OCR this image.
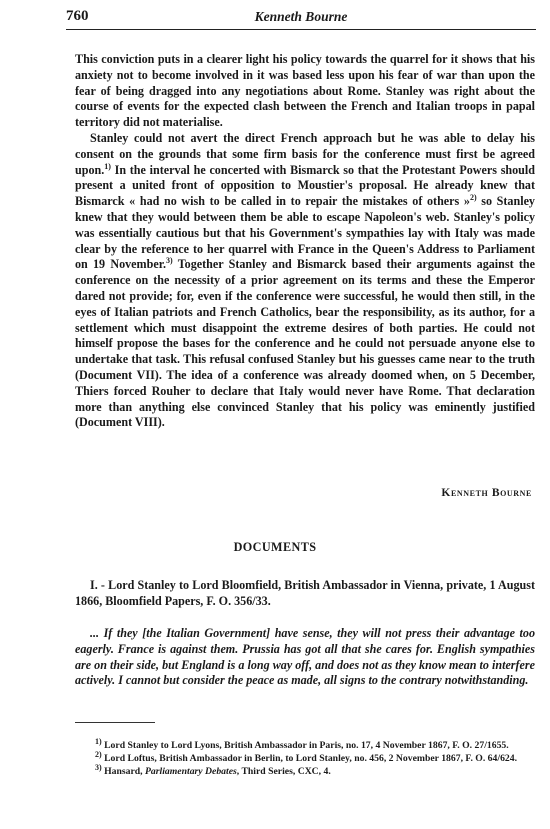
760	Kenneth Bourne

This conviction puts in a clearer light his policy towards the quarrel for it shows that his anxiety not to become involved in it was based less upon his fear of war than upon the fear of being dragged into any negotiations about Rome. Stanley was right about the course of events for the expected clash between the French and Italian troops in papal territory did not materialise.

Stanley could not avert the direct French approach but he was able to delay his consent on the grounds that some firm basis for the conference must first be agreed upon.$^{1)}$ In the interval he concerted with Bismarck so that the Protestant Powers should present a united front of opposition to Moustier's proposal. He already knew that Bismarck « had no wish to be called in to repair the mistakes of others »$^{2)}$ so Stanley knew that they would between them be able to escape Napoleon's web. Stanley's policy was essentially cautious but that his Government's sympathies lay with Italy was made clear by the reference to her quarrel with France in the Queen's Address to Parliament on 19 November.$^{3)}$ Together Stanley and Bismarck based their arguments against the conference on the necessity of a prior agreement on its terms and these the Emperor dared not provide; for, even if the conference were successful, he would then still, in the eyes of Italian patriots and French Catholics, bear the responsibility, as its author, for a settlement which must disappoint the extreme desires of both parties. He could not himself propose the bases for the conference and he could not persuade anyone else to undertake that task. This refusal confused Stanley but his guesses came near to the truth (Document VII). The idea of a conference was already doomed when, on 5 December, Thiers forced Rouher to declare that Italy would never have Rome. That declaration more than anything else convinced Stanley that his policy was eminently justified (Document VIII).

Kenneth Bourne
DOCUMENTS

I. - Lord Stanley to Lord Bloomfield, British Ambassador in Vienna, private, 1 August 1866, Bloomfield Papers, F. O. 356/33.

... If they [the Italian Government] have sense, they will not press their advantage too eagerly. France is against them. Prussia has got all that she cares for. English sympathies are on their side, but England is a long way off, and does not as they know mean to interfere actively. I cannot but consider the peace as made, all signs to the contrary notwithstanding.

$^{1)}$ Lord Stanley to Lord Lyons, British Ambassador in Paris, no. 17, 4 November 1867, F. O. 27/1655.

$^{2)}$ Lord Loftus, British Ambassador in Berlin, to Lord Stanley, no. 456, 2 November 1867, F. O. 64/624.

$^{3)}$ Hansard, Parliamentary Debates, Third Series, CXC, 4.
